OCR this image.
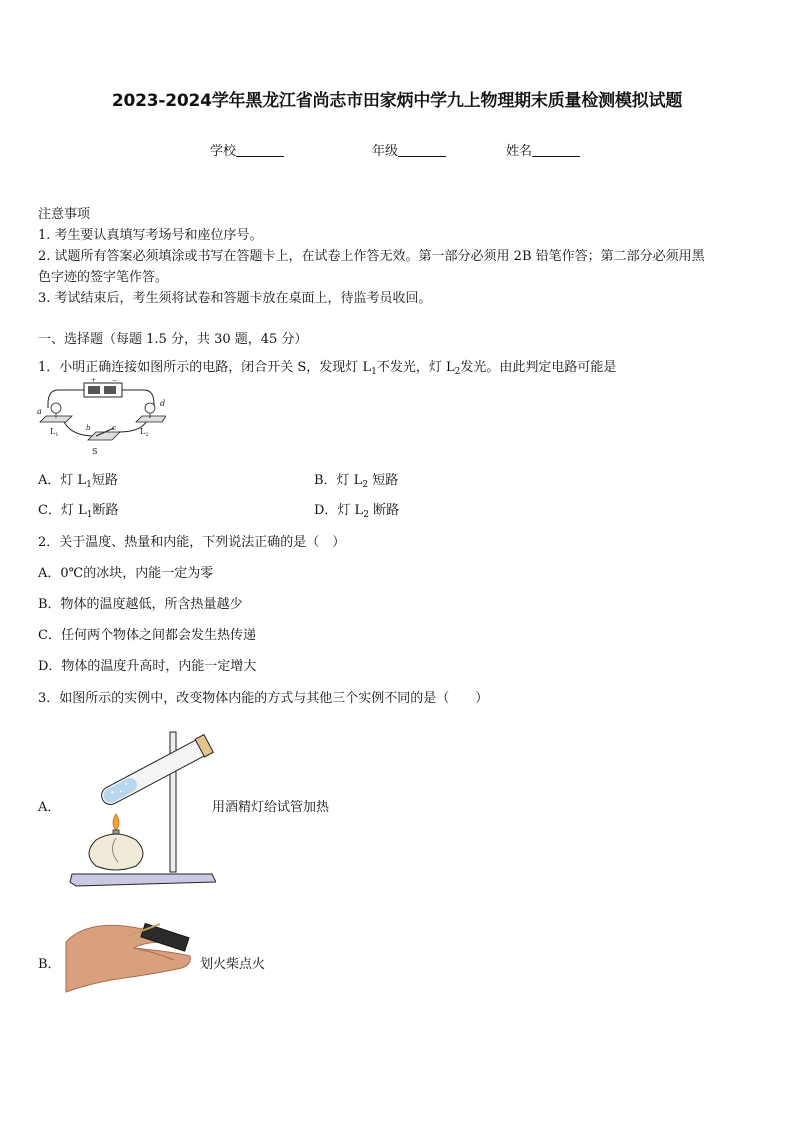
2023-2024学年黑龙江省尚志市田家炳中学九上物理期末质量检测模拟试题
学校	年级	姓名
注意事项
1. 考生要认真填写考场号和座位序号。
2. 试题所有答案必须填涂或书写在答题卡上，在试卷上作答无效。第一部分必须用 2B 铅笔作答；第二部分必须用黑
色字迹的签字笔作答。
3. 考试结束后，考生须将试卷和答题卡放在桌面上，待监考员收回。
一、选择题（每题 1.5 分，共 30 题，45 分）
1．小明正确连接如图所示的电路，闭合开关 S，发现灯 $L_1$不发光，灯 $L_2$发光。由此判定电路可能是
+	−
a
b	c
d
$L_1$	$L_2$
S
A．灯 $L_1$短路	B．灯 $L_2$ 短路
C．灯 $L_1$断路	D．灯 $L_2$ 断路
2．关于温度、热量和内能，下列说法正确的是（　）
A．0℃的冰块，内能一定为零
B．物体的温度越低，所含热量越少
C．任何两个物体之间都会发生热传递
D．物体的温度升高时，内能一定增大
3．如图所示的实例中，改变物体内能的方式与其他三个实例不同的是（　　）
A．	用酒精灯给试管加热
B．	划火柴点火
